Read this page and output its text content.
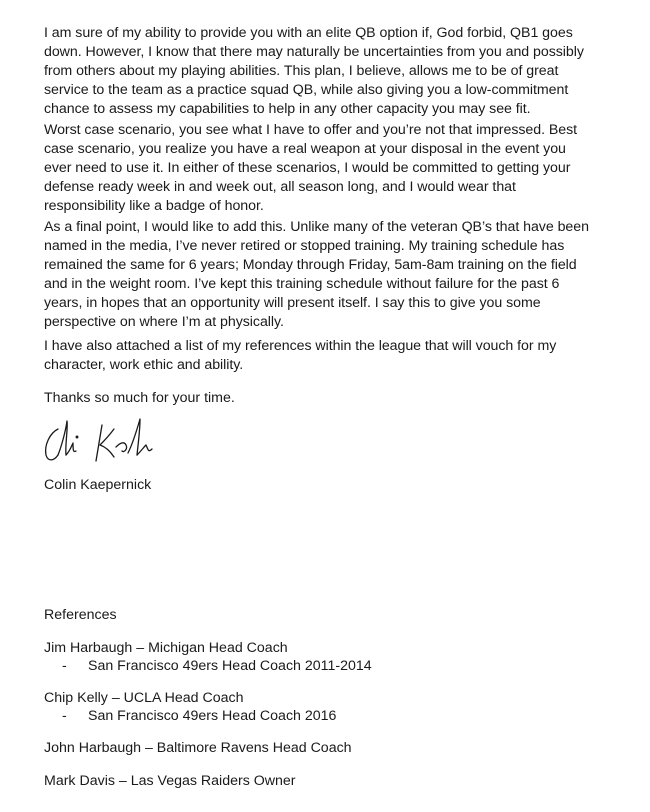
I am sure of my ability to provide you with an elite QB option if, God forbid, QB1 goes
down. However, I know that there may naturally be uncertainties from you and possibly
from others about my playing abilities. This plan, I believe, allows me to be of great
service to the team as a practice squad QB, while also giving you a low-commitment
chance to assess my capabilities to help in any other capacity you may see fit.

Worst case scenario, you see what I have to offer and you’re not that impressed. Best
case scenario, you realize you have a real weapon at your disposal in the event you
ever need to use it. In either of these scenarios, I would be committed to getting your
defense ready week in and week out, all season long, and I would wear that
responsibility like a badge of honor.

As a final point, I would like to add this. Unlike many of the veteran QB’s that have been
named in the media, I’ve never retired or stopped training. My training schedule has
remained the same for 6 years; Monday through Friday, 5am-8am training on the field
and in the weight room. I’ve kept this training schedule without failure for the past 6
years, in hopes that an opportunity will present itself. I say this to give you some
perspective on where I’m at physically.

I have also attached a list of my references within the league that will vouch for my
character, work ethic and ability.

Thanks so much for your time.

Colin Kaepernick

References

Jim Harbaugh – Michigan Head Coach

- San Francisco 49ers Head Coach 2011-2014

Chip Kelly – UCLA Head Coach

- San Francisco 49ers Head Coach 2016

John Harbaugh – Baltimore Ravens Head Coach

Mark Davis – Las Vegas Raiders Owner
